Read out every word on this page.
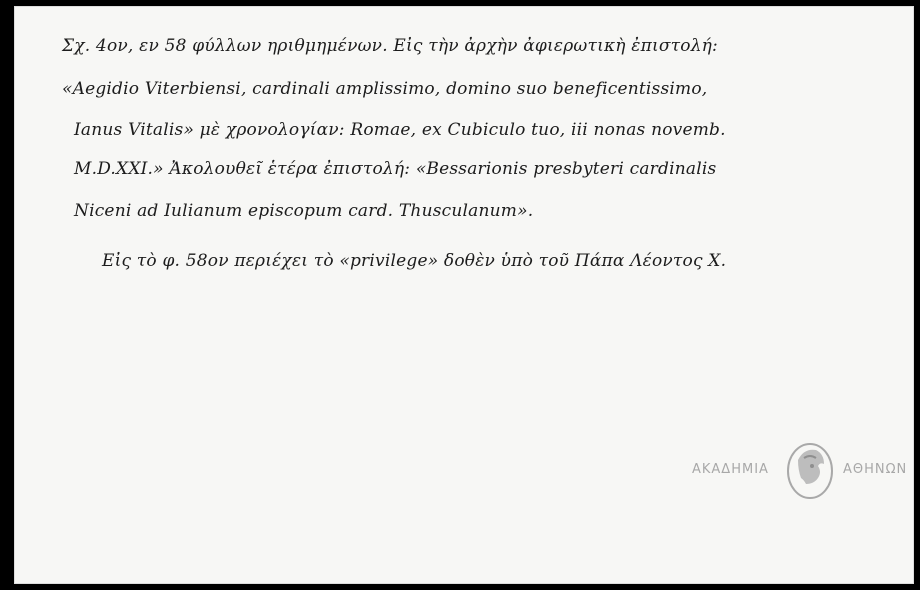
Σχ. 4ον, εν 58 φύλλων ηριθμημένων. Εἰς τὴν ἀρχὴν ἀφιερωτικὴ ἐπιστολή:
«Aegidio Viterbiensi, cardinali amplissimo, domino suo beneficentissimo,
Ianus Vitalis» μὲ χρονολογίαν: Romae, ex Cubiculo tuo, iii nonas novemb.
M.D.XXI.» Ἀκολουθεῖ ἑτέρα ἐπιστολή: «Bessarionis presbyteri cardinalis
Niceni ad Iulianum episcopum card. Thusculanum».
Εἰς τὸ φ. 58ον περιέχει τὸ «privilege» δοθὲν ὑπὸ τοῦ Πάπα Λέοντος Χ.
ΑΚΑΔΗΜΙΑ	ΑΘΗΝΩΝ
